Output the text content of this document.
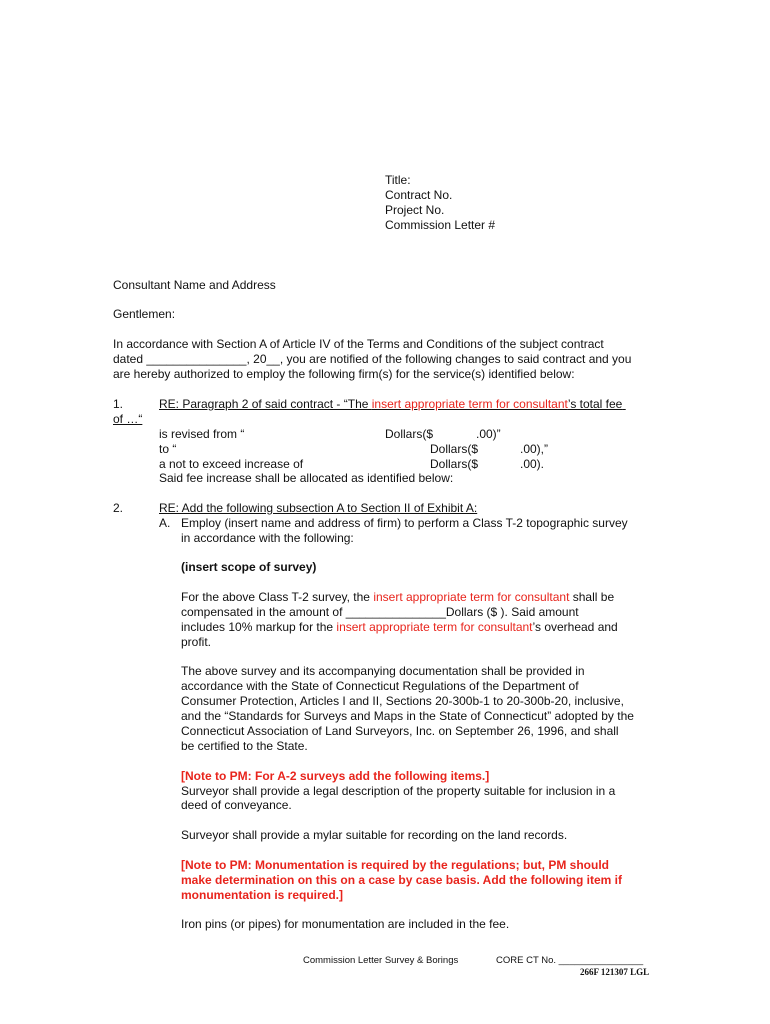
Title:
Contract No.
Project No.
Commission Letter #
Consultant Name and Address
Gentlemen:
In accordance with Section A of Article IV of the Terms and Conditions of the subject contract
dated _______________, 20__, you are notified of the following changes to said contract and you
are hereby authorized to employ the following firm(s) for the service(s) identified below:
1.	RE: Paragraph 2 of said contract - “The insert appropriate term for consultant’s total fee
of …“
is revised from “	Dollars($	.00)”
to “	Dollars($	.00),”
a not to exceed increase of	Dollars($	.00).
Said fee increase shall be allocated as identified below:
2.	RE: Add the following subsection A to Section II of Exhibit A:
A. Employ (insert name and address of firm) to perform a Class T-2 topographic survey
in accordance with the following:
(insert scope of survey)
For the above Class T-2 survey, the insert appropriate term for consultant shall be
compensated in the amount of _______________Dollars ($ ). Said amount
includes 10% markup for the insert appropriate term for consultant’s overhead and
profit.
The above survey and its accompanying documentation shall be provided in
accordance with the State of Connecticut Regulations of the Department of
Consumer Protection, Articles I and II, Sections 20-300b-1 to 20-300b-20, inclusive,
and the “Standards for Surveys and Maps in the State of Connecticut” adopted by the
Connecticut Association of Land Surveyors, Inc. on September 26, 1996, and shall
be certified to the State.
[Note to PM: For A-2 surveys add the following items.]
Surveyor shall provide a legal description of the property suitable for inclusion in a
deed of conveyance.
Surveyor shall provide a mylar suitable for recording on the land records.
[Note to PM: Monumentation is required by the regulations; but, PM should
make determination on this on a case by case basis. Add the following item if
monumentation is required.]
Iron pins (or pipes) for monumentation are included in the fee.
Commission Letter Survey & Borings	CORE CT No. ________________
266F 121307 LGL
